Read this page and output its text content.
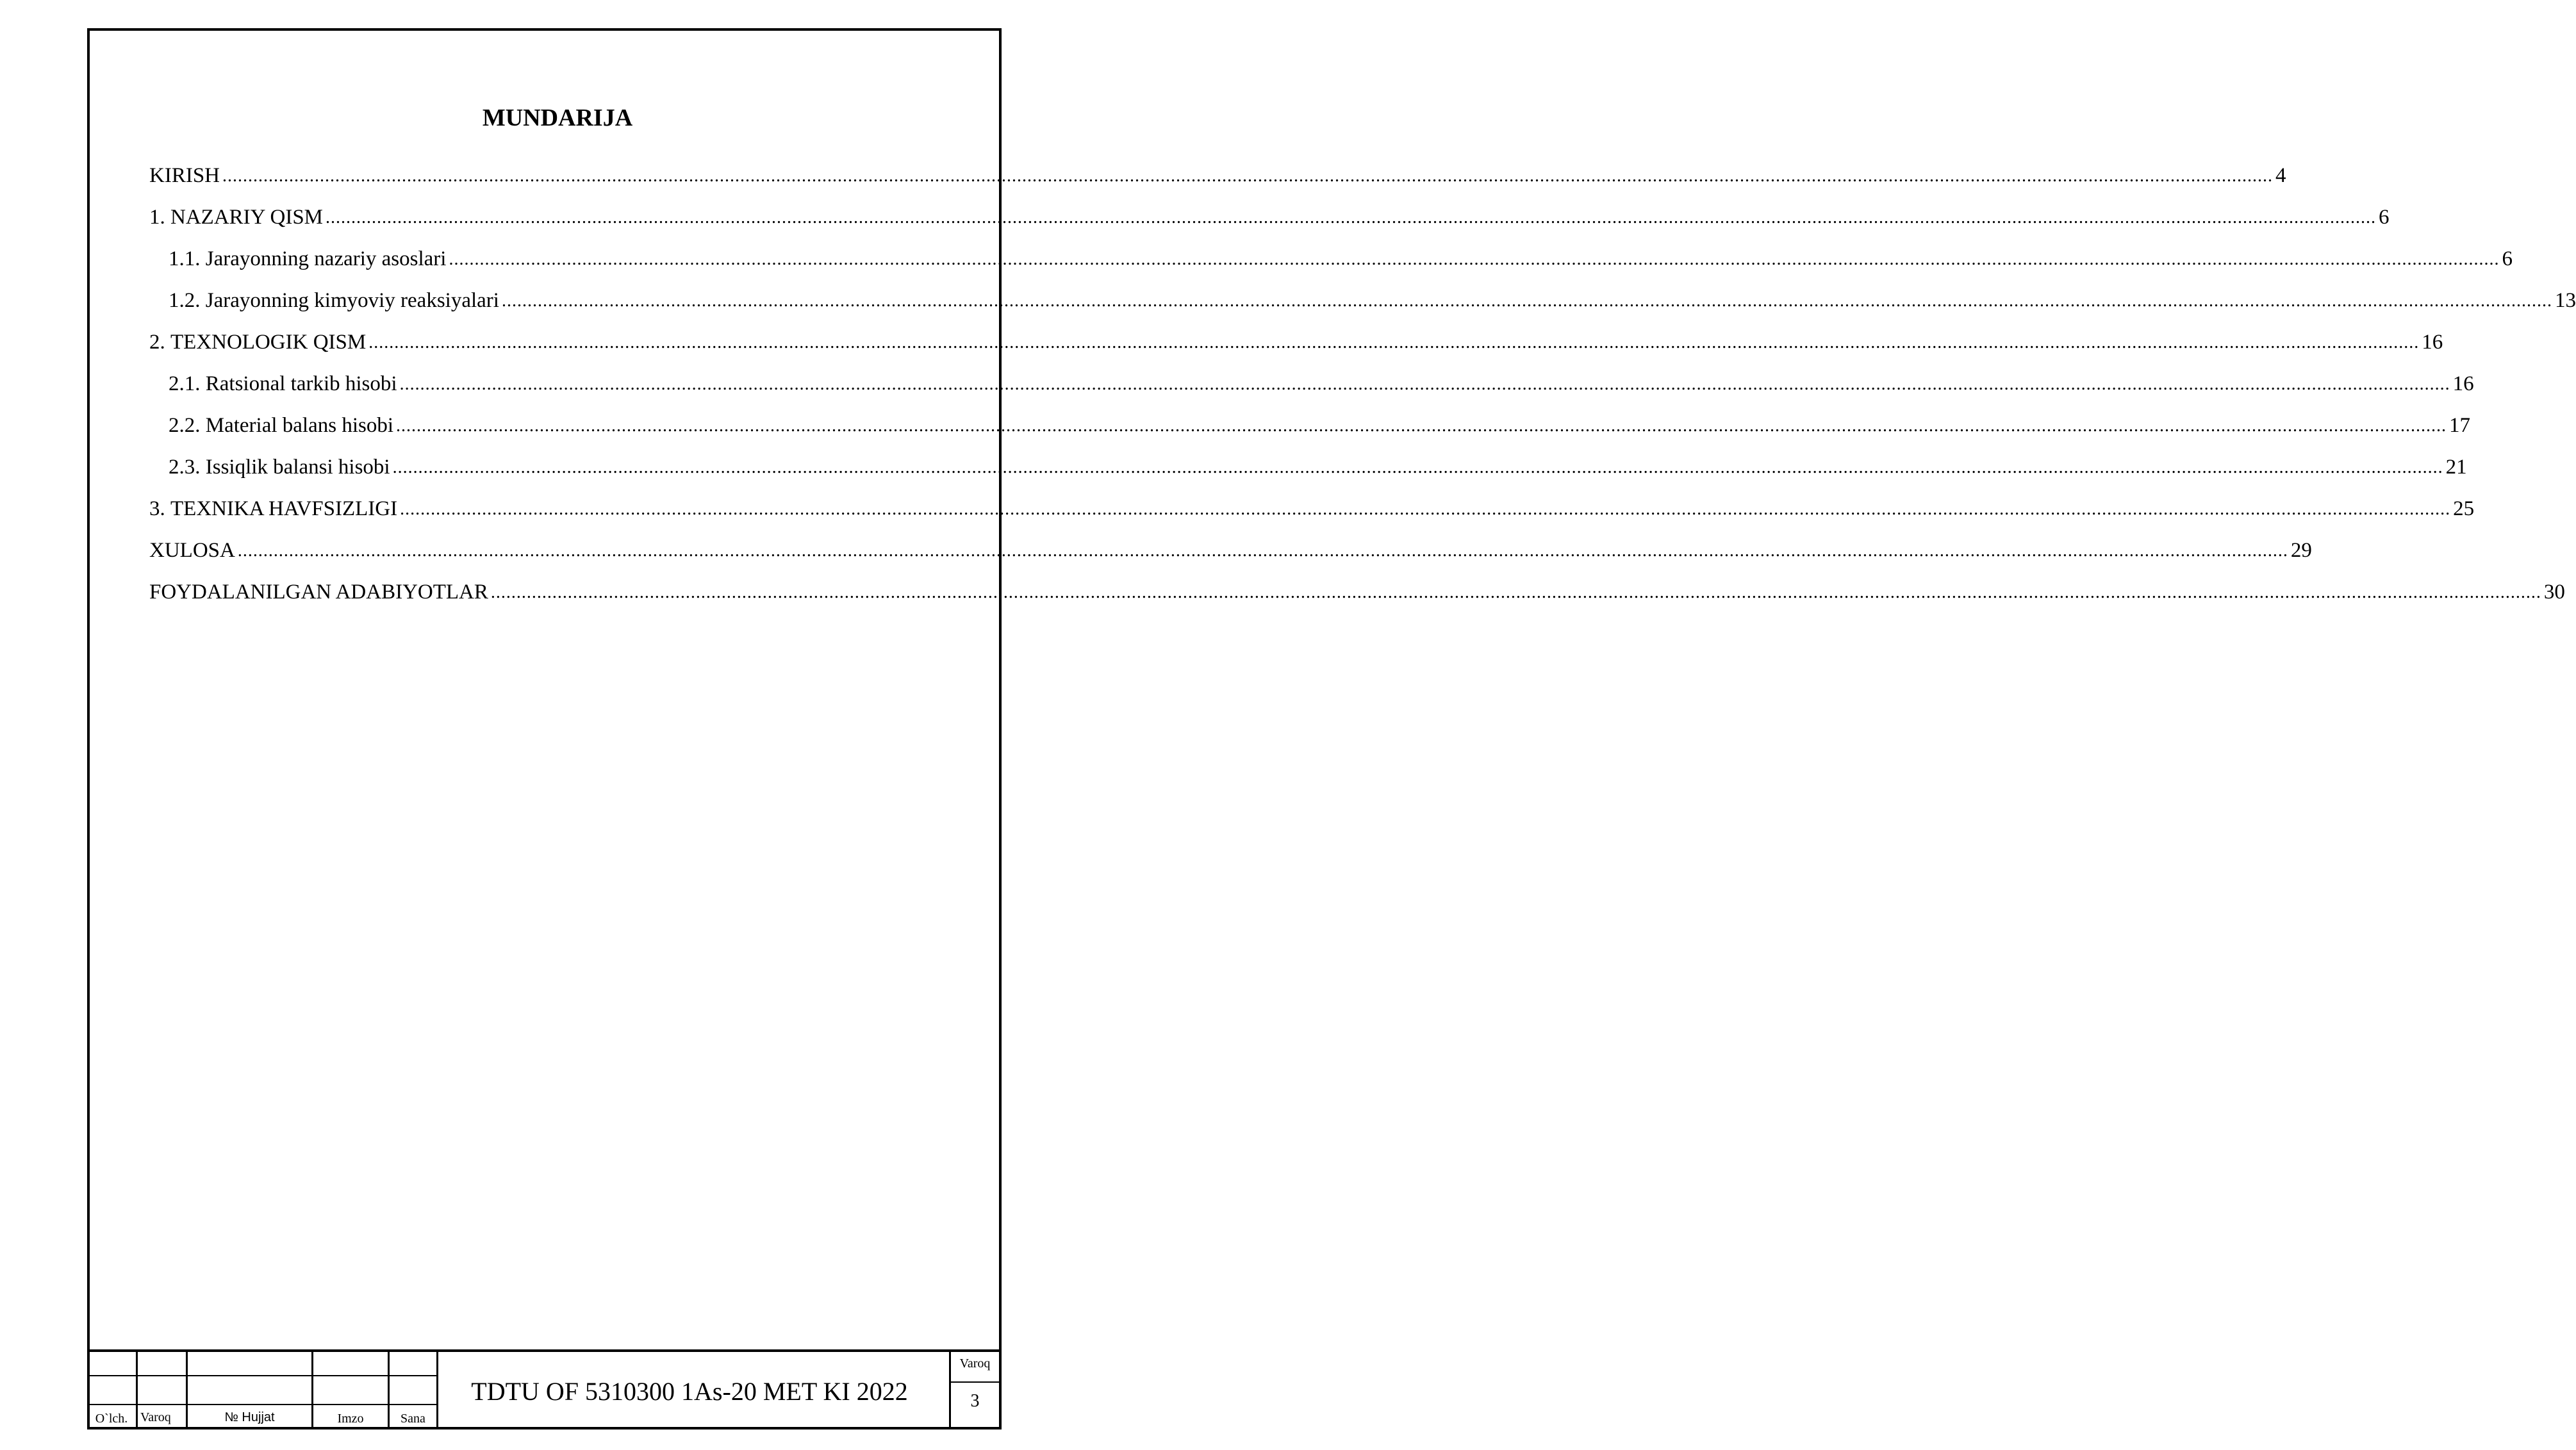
MUNDARIJA
KIRISH ................................................................................................................................................................................................................................................................................................................................................................................................................ 4
1. NAZARIY QISM ................................................................................................................................................................................................................................................................................................................................................................................................................ 6
1.1. Jarayonning nazariy asoslari ................................................................................................................................................................................................................................................................................................................................................................................................................ 6
1.2. Jarayonning kimyoviy reaksiyalari ................................................................................................................................................................................................................................................................................................................................................................................................................ 13
2. TEXNOLOGIK QISM ................................................................................................................................................................................................................................................................................................................................................................................................................ 16
2.1. Ratsional tarkib hisobi ................................................................................................................................................................................................................................................................................................................................................................................................................ 16
2.2. Material balans hisobi ................................................................................................................................................................................................................................................................................................................................................................................................................ 17
2.3. Issiqlik balansi hisobi ................................................................................................................................................................................................................................................................................................................................................................................................................ 21
3. TEXNIKA HAVFSIZLIGI ................................................................................................................................................................................................................................................................................................................................................................................................................ 25
XULOSA ................................................................................................................................................................................................................................................................................................................................................................................................................ 29
FOYDALANILGAN ADABIYOTLAR ................................................................................................................................................................................................................................................................................................................................................................................................................ 30
O`lch. Varoq	№ Hujjat	Imzo	Sana
TDTU OF 5310300 1As-20 MET KI 2022
Varoq
3
